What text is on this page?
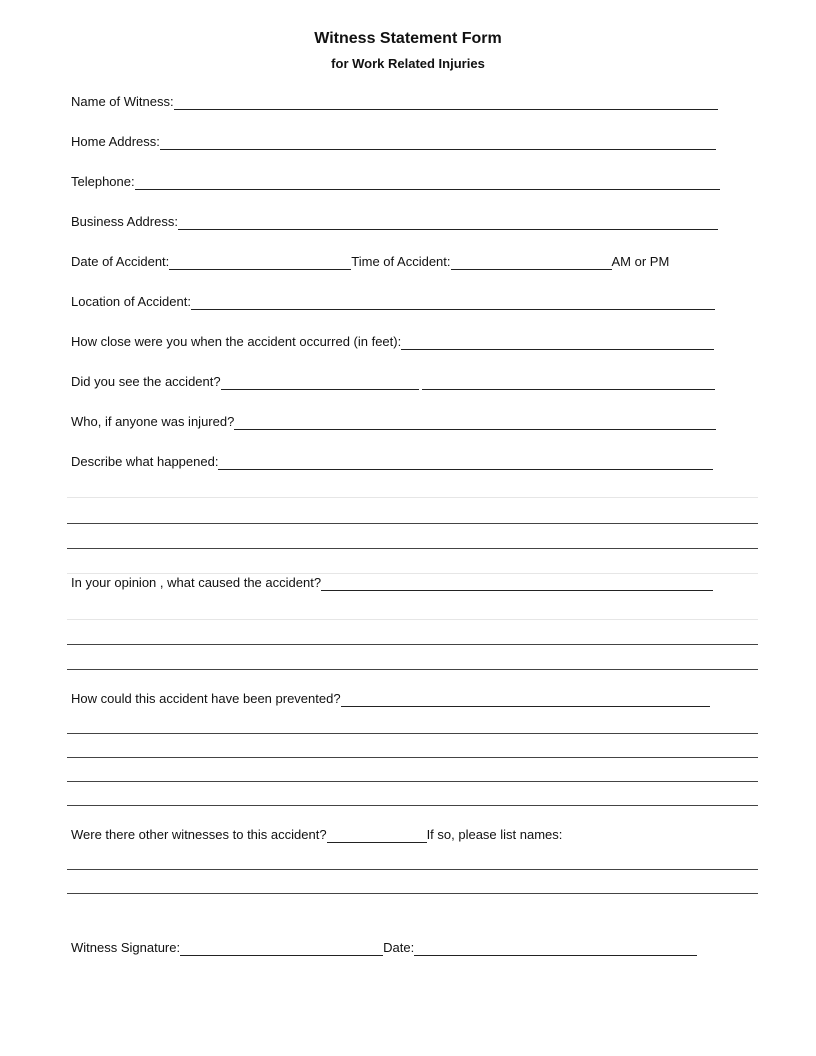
Witness Statement Form
for Work Related Injuries
Name of Witness:
Home Address:
Telephone:
Business Address:
Date of Accident:	Time of Accident:	AM or PM
Location of Accident:
How close were you when the accident occurred (in feet):
Did you see the accident?
Who, if anyone was injured?
Describe what happened:
In your opinion , what caused the accident?
How could this accident have been prevented?
Were there other witnesses to this accident?	If so, please list names:
Witness Signature:	Date:
